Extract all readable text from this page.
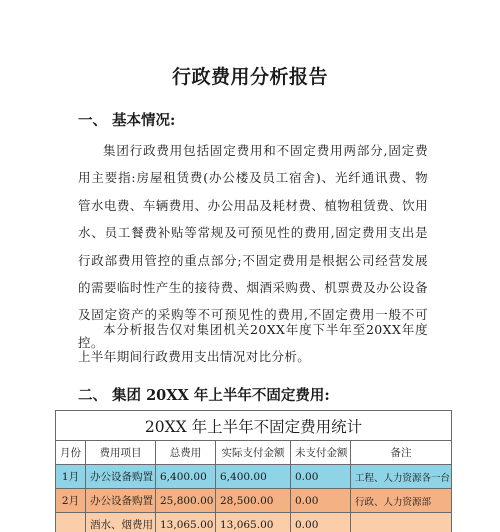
行政费用分析报告
一、 基本情况:

集团行政费用包括固定费用和不固定费用两部分,固定费用主要指:房屋租赁费(办公楼及员工宿舍)、光纤通讯费、物管水电费、车辆费用、办公用品及耗材费、植物租赁费、饮用水、员工餐费补贴等常规及可预见性的费用,固定费用支出是行政部费用管控的重点部分;不固定费用是根据公司经营发展的需要临时性产生的接待费、烟酒采购费、机票费及办公设备及固定资产的采购等不可预见性的费用,不固定费用一般不可控。

本分析报告仅对集团机关20XX年度下半年至20XX年度上半年期间行政费用支出情况对比分析。

二、 集团 20XX 年上半年不固定费用:
20XX 年上半年不固定费用统计					
月份	费用项目	总费用	实际支付金额	未支付金额	备注
1月	办公设备购置	6,400.00	6,400.00	0.00	工程、人力资源各一台
2月	办公设备购置	25,800.00	28,500.00	0.00	行政、人力资源部
	酒水、烟费用	13,065.00	13,065.00	0.00	
